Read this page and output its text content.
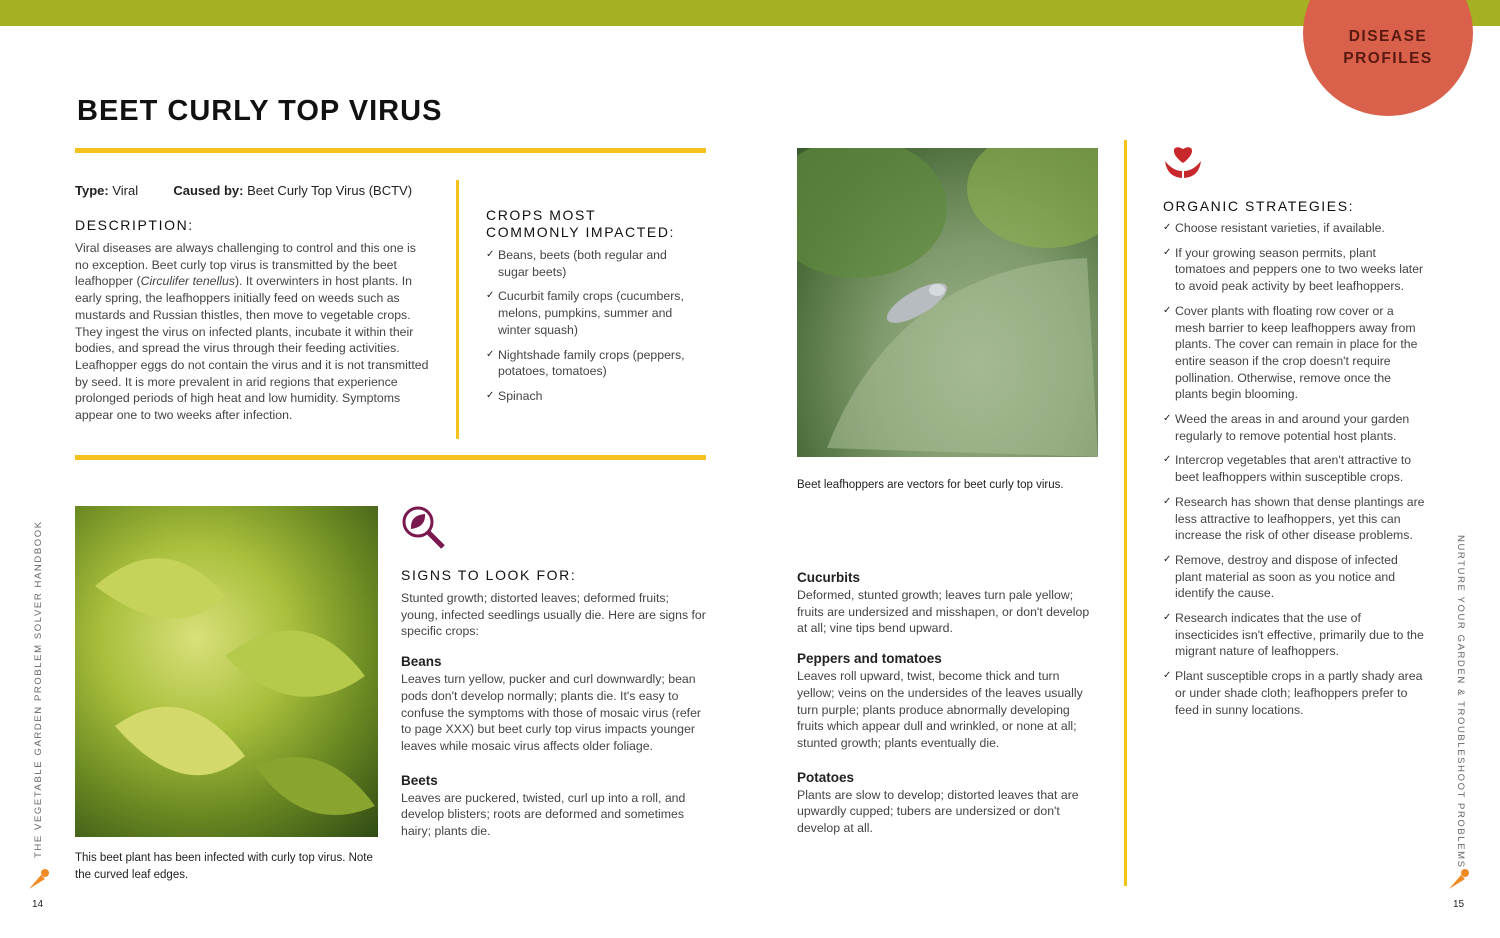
DISEASE
PROFILES
BEET CURLY TOP VIRUS
Type: Viral	Caused by: Beet Curly Top Virus (BCTV)
DESCRIPTION:

Viral diseases are always challenging to control and this one is no exception. Beet curly top virus is transmitted by the beet leafhopper (Circulifer tenellus). It overwinters in host plants. In early spring, the leafhoppers initially feed on weeds such as mustards and Russian thistles, then move to vegetable crops. They ingest the virus on infected plants, incubate it within their bodies, and spread the virus through their feeding activities. Leafhopper eggs do not contain the virus and it is not transmitted by seed. It is more prevalent in arid regions that experience prolonged periods of high heat and low humidity. Symptoms appear one to two weeks after infection.

CROPS MOST COMMONLY IMPACTED:
✓ Beans, beets (both regular and sugar beets)
✓ Cucurbit family crops (cucumbers, melons, pumpkins, summer and winter squash)
✓ Nightshade family crops (peppers, potatoes, tomatoes)
✓ Spinach
Beet leafhoppers are vectors for beet curly top virus.
This beet plant has been infected with curly top virus. Note the curved leaf edges.
SIGNS TO LOOK FOR:

Stunted growth; distorted leaves; deformed fruits; young, infected seedlings usually die. Here are signs for specific crops:

Beans

Leaves turn yellow, pucker and curl downwardly; bean pods don't develop normally; plants die. It's easy to confuse the symptoms with those of mosaic virus (refer to page XXX) but beet curly top virus impacts younger leaves while mosaic virus affects older foliage.

Beets

Leaves are puckered, twisted, curl up into a roll, and develop blisters; roots are deformed and sometimes hairy; plants die.

Cucurbits

Deformed, stunted growth; leaves turn pale yellow; fruits are undersized and misshapen, or don't develop at all; vine tips bend upward.

Peppers and tomatoes

Leaves roll upward, twist, become thick and turn yellow; veins on the undersides of the leaves usually turn purple; plants produce abnormally developing fruits which appear dull and wrinkled, or none at all; stunted growth; plants eventually die.

Potatoes

Plants are slow to develop; distorted leaves that are upwardly cupped; tubers are undersized or don't develop at all.

ORGANIC STRATEGIES:
✓ Choose resistant varieties, if available.
✓ If your growing season permits, plant tomatoes and peppers one to two weeks later to avoid peak activity by beet leafhoppers.
✓ Cover plants with floating row cover or a mesh barrier to keep leafhoppers away from plants. The cover can remain in place for the entire season if the crop doesn't require pollination. Otherwise, remove once the plants begin blooming.
✓ Weed the areas in and around your garden regularly to remove potential host plants.
✓ Intercrop vegetables that aren't attractive to beet leafhoppers within susceptible crops.
✓ Research has shown that dense plantings are less attractive to leafhoppers, yet this can increase the risk of other disease problems.
✓ Remove, destroy and dispose of infected plant material as soon as you notice and identify the cause.
✓ Research indicates that the use of insecticides isn't effective, primarily due to the migrant nature of leafhoppers.
✓ Plant susceptible crops in a partly shady area or under shade cloth; leafhoppers prefer to feed in sunny locations.
THE VEGETABLE GARDEN PROBLEM SOLVER HANDBOOK	NURTURE YOUR GARDEN & TROUBLESHOOT PROBLEMS
14	15
